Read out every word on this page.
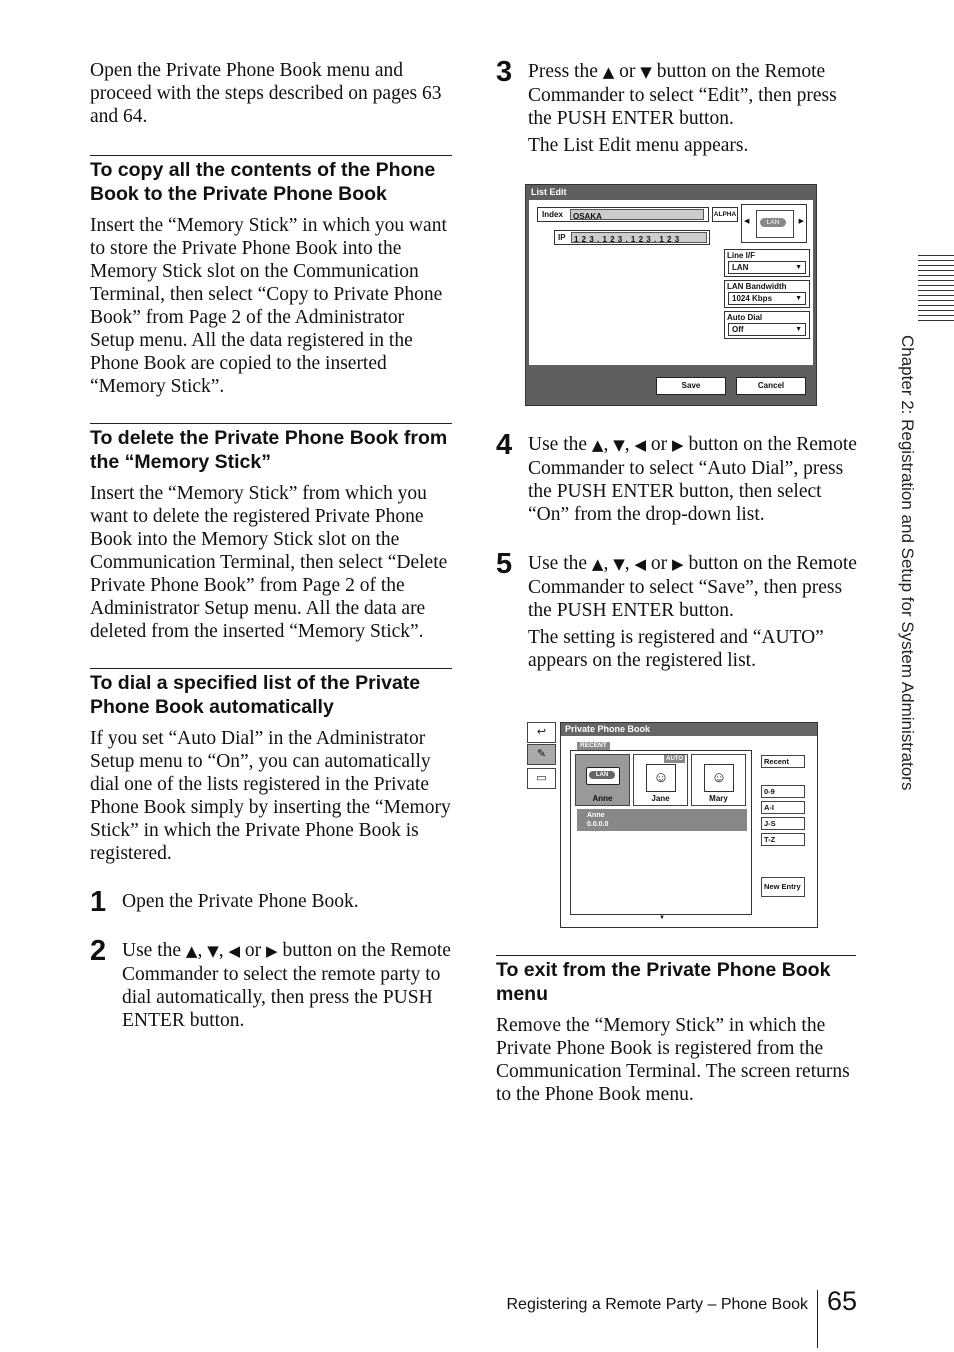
Open the Private Phone Book menu and proceed with the steps described on pages 63 and 64.

To copy all the contents of the Phone Book to the Private Phone Book

Insert the “Memory Stick” in which you want to store the Private Phone Book into the Memory Stick slot on the Communication Terminal, then select “Copy to Private Phone Book” from Page 2 of the Administrator Setup menu. All the data registered in the Phone Book are copied to the inserted “Memory Stick”.

To delete the Private Phone Book from the “Memory Stick”

Insert the “Memory Stick” from which you want to delete the registered Private Phone Book into the Memory Stick slot on the Communication Terminal, then select “Delete Private Phone Book” from Page 2 of the Administrator Setup menu. All the data are deleted from the inserted “Memory Stick”.

To dial a specified list of the Private Phone Book automatically

If you set “Auto Dial” in the Administrator Setup menu to “On”, you can automatically dial one of the lists registered in the Private Phone Book simply by inserting the “Memory Stick” in which the Private Phone Book is registered.

1 Open the Private Phone Book.

2 Use the ▲, ▼, ◀ or ▶ button on the Remote Commander to select the remote party to dial automatically, then press the PUSH ENTER button.

3 Press the ▲ or ▼ button on the Remote Commander to select “Edit”, then press the PUSH ENTER button.

The List Edit menu appears.

List Edit
Index	OSAKA	ALPHA
IP	1 2 3 . 1 2 3 . 1 2 3 . 1 2 3
◀	LAN	▶
Line I/F
LAN	▼
LAN Bandwidth
1024 Kbps	▼
Auto Dial
Off	▼
Save	Cancel
4 Use the ▲, ▼, ◀ or ▶ button on the Remote Commander to select “Auto Dial”, press the PUSH ENTER button, then select “On” from the drop-down list.

5 Use the ▲, ▼, ◀ or ▶ button on the Remote Commander to select “Save”, then press the PUSH ENTER button.

The setting is registered and “AUTO” appears on the registered list.

↩
✎
▭
Private Phone Book
RECENT
LAN
Anne
AUTO
☺
Jane
☺
Mary
Anne
0.0.0.0
▼
Recent
0-9
A-I
J-S
T-Z
New Entry
To exit from the Private Phone Book menu

Remove the “Memory Stick” in which the Private Phone Book is registered from the Communication Terminal. The screen returns to the Phone Book menu.

Chapter 2: Registration and Setup for System Administrators
Registering a Remote Party – Phone Book 65
